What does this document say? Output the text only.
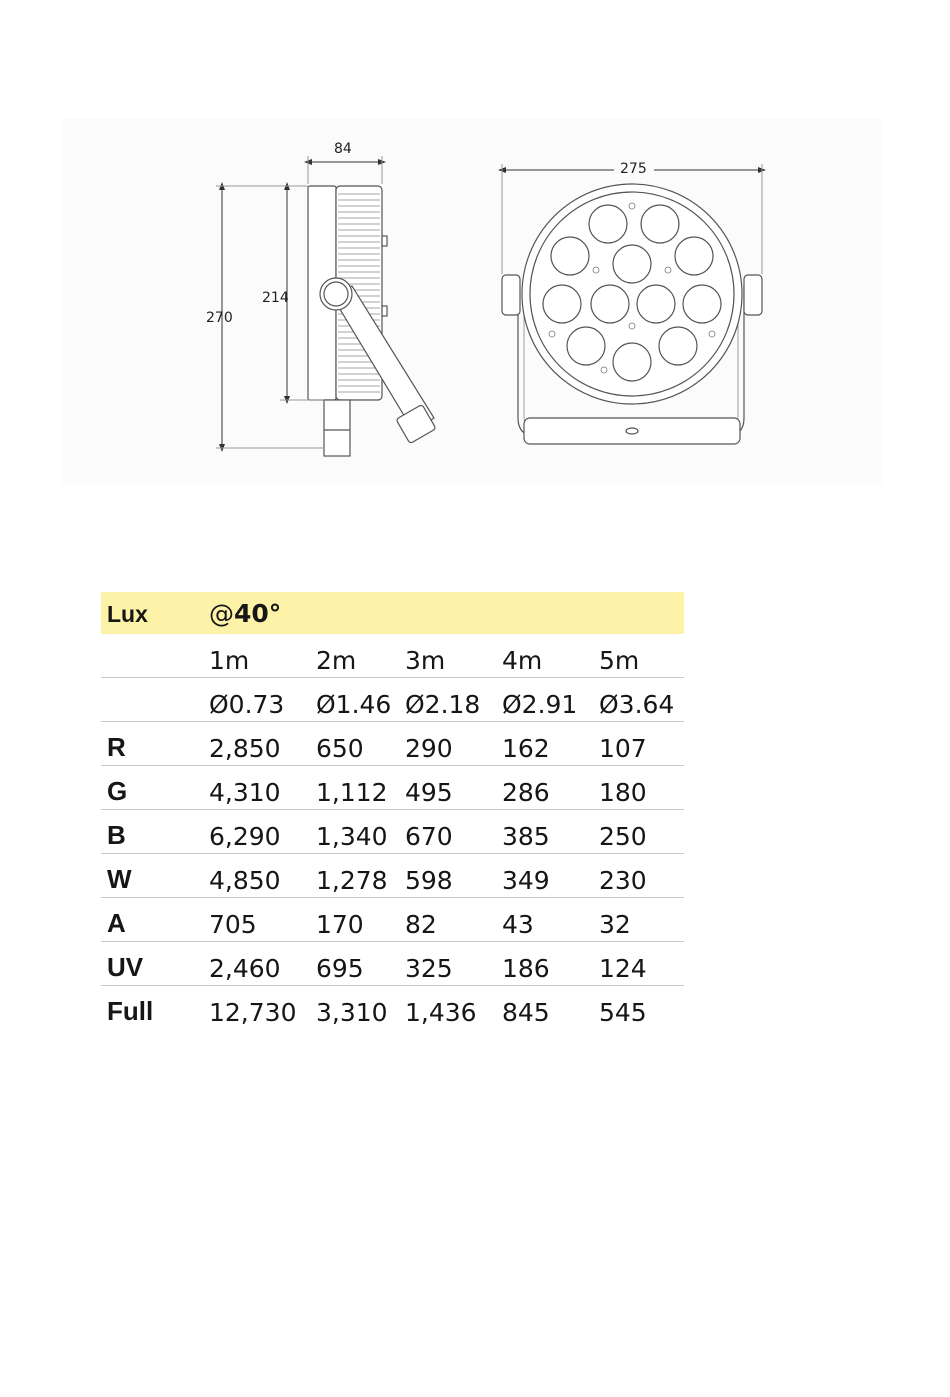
84
214
270
275
Lux	@40°				
	1m	2m	3m	4m	5m
	Ø0.73	Ø1.46	Ø2.18	Ø2.91	Ø3.64
R	2,850	650	290	162	107
G	4,310	1,112	495	286	180
B	6,290	1,340	670	385	250
W	4,850	1,278	598	349	230
A	705	170	82	43	32
UV	2,460	695	325	186	124
Full	12,730	3,310	1,436	845	545
